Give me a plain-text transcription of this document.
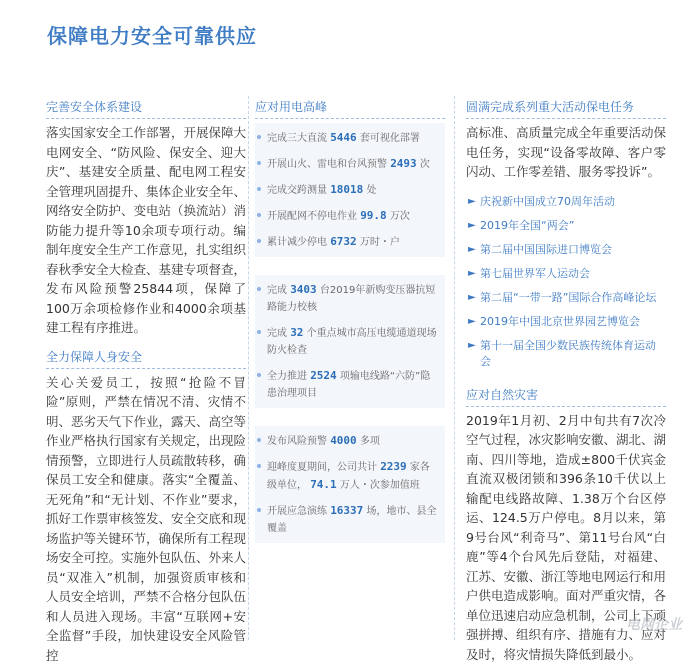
保障电力安全可靠供应
完善安全体系建设
落实国家安全工作部署，开展保障大电网安全、“防风险、保安全、迎大庆”、基建安全质量、配电网工程安全管理巩固提升、集体企业安全年、网络安全防护、变电站（换流站）消防能力提升等10余项专项行动。编制年度安全生产工作意见，扎实组织春秋季安全大检查、基建专项督查，发布风险预警25844项，保障了100万余项检修作业和4000余项基建工程有序推进。
全力保障人身安全
关心关爱员工，按照“抢险不冒险”原则，严禁在情况不清、灾情不明、恶劣天气下作业，露天、高空等作业严格执行国家有关规定，出现险情预警，立即进行人员疏散转移，确保员工安全和健康。落实“全覆盖、无死角”和“无计划、不作业”要求，抓好工作票审核签发、安全交底和现场监护等关键环节，确保所有工程现场安全可控。实施外包队伍、外来人员“双准入”机制，加强资质审核和人员安全培训，严禁不合格分包队伍和人员进入现场。丰富“互联网+安全监督”手段，加快建设安全风险管控
应对用电高峰
完成三大直流 5446 套可视化部署
开展山火、雷电和台风预警 2493 次
完成交跨测量 18018 处
开展配网不停电作业 99.8 万次
累计减少停电 6732 万时・户
完成 3403 台2019年新购变压器抗短路能力校核
完成 32 个重点城市高压电缆通道现场防火检查
全力推进 2524 项输电线路“六防”隐患治理项目
发布风险预警 4000 多项
迎峰度夏期间，公司共计 2239 家各级单位， 74.1 万人・次参加值班
开展应急演练 16337 场，地市、县全覆盖
圆满完成系列重大活动保电任务
高标准、高质量完成全年重要活动保电任务，实现“设备零故障、客户零闪动、工作零差错、服务零投诉”。
► 庆祝新中国成立70周年活动
► 2019年全国“两会”
► 第二届中国国际进口博览会
► 第七届世界军人运动会
► 第二届“一带一路”国际合作高峰论坛
► 2019年中国北京世界园艺博览会
► 第十一届全国少数民族传统体育运动会
应对自然灾害
2019年1月初、2月中旬共有7次冷空气过程，冰灾影响安徽、湖北、湖南、四川等地，造成±800千伏宾金直流双极闭锁和396条10千伏以上输配电线路故障、1.38万个台区停运、124.5万户停电。8月以来，第9号台风“利奇马”、第11号台风“白鹿”等4个台风先后登陆，对福建、江苏、安徽、浙江等地电网运行和用户供电造成影响。面对严重灾情，各单位迅速启动应急机制，公司上下顽强拼搏、组织有序、措施有力、应对及时，将灾情损失降低到最小。
电网企业
